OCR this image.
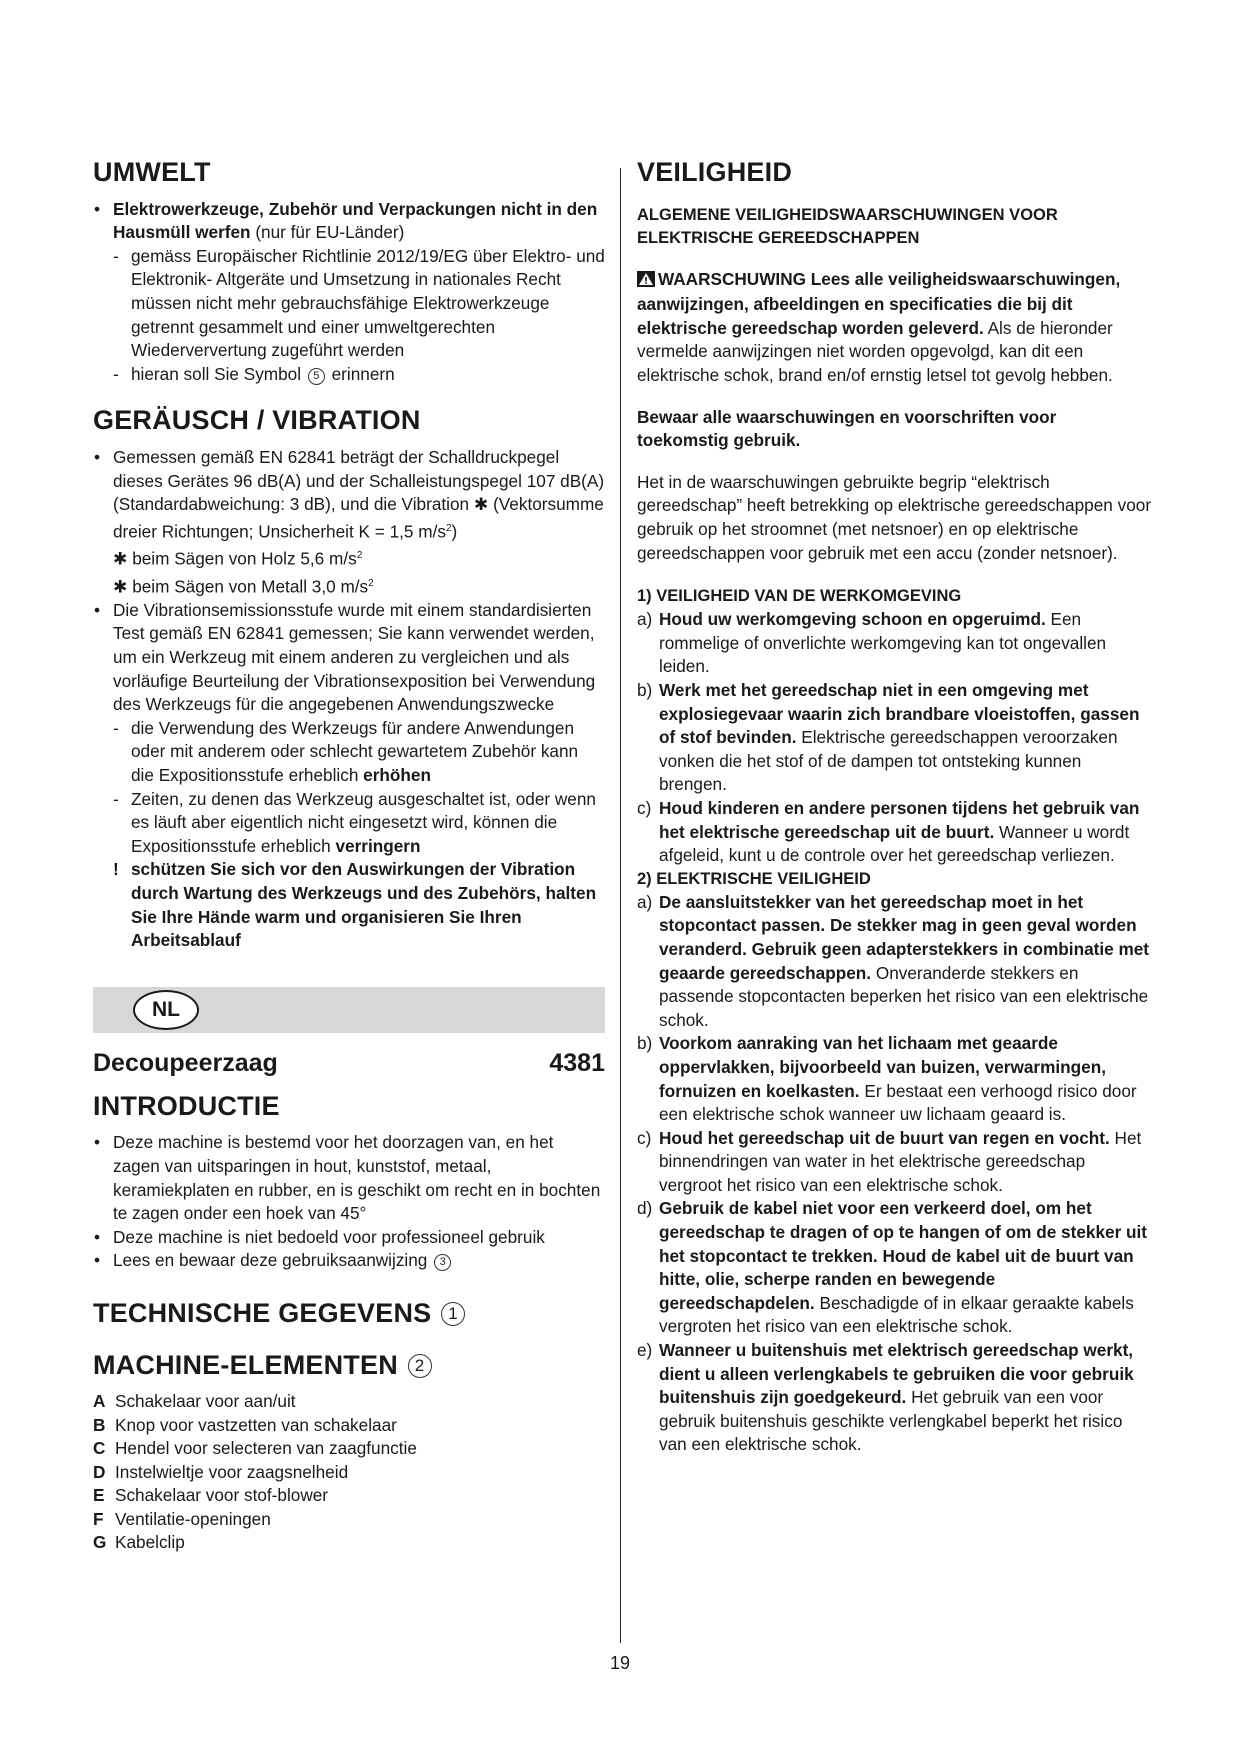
UMWELT
• Elektrowerkzeuge, Zubehör und Verpackungen nicht in den Hausmüll werfen (nur für EU-Länder)
- gemäss Europäischer Richtlinie 2012/19/EG über Elektro- und Elektronik- Altgeräte und Umsetzung in nationales Recht müssen nicht mehr gebrauchsfähige Elektrowerkzeuge getrennt gesammelt und einer umweltgerechten Wiederververtung zugeführt werden
- hieran soll Sie Symbol 5 erinnern
GERÄUSCH / VIBRATION
• Gemessen gemäß EN 62841 beträgt der Schalldruckpegel dieses Gerätes 96 dB(A) und der Schalleistungspegel 107 dB(A) (Standardabweichung: 3 dB), und die Vibration ✱ (Vektorsumme dreier Richtungen; Unsicherheit K = 1,5 $m/s^2$)
✱ beim Sägen von Holz 5,6 $m/s^2$
✱ beim Sägen von Metall 3,0 $m/s^2$
• Die Vibrationsemissionsstufe wurde mit einem standardisierten Test gemäß EN 62841 gemessen; Sie kann verwendet werden, um ein Werkzeug mit einem anderen zu vergleichen und als vorläufige Beurteilung der Vibrationsexposition bei Verwendung des Werkzeugs für die angegebenen Anwendungszwecke
- die Verwendung des Werkzeugs für andere Anwendungen oder mit anderem oder schlecht gewartetem Zubehör kann die Expositionsstufe erheblich erhöhen
- Zeiten, zu denen das Werkzeug ausgeschaltet ist, oder wenn es läuft aber eigentlich nicht eingesetzt wird, können die Expositionsstufe erheblich verringern
! schützen Sie sich vor den Auswirkungen der Vibration durch Wartung des Werkzeugs und des Zubehörs, halten Sie Ihre Hände warm und organisieren Sie Ihren Arbeitsablauf
NL
Decoupeerzaag	4381
INTRODUCTIE
• Deze machine is bestemd voor het doorzagen van, en het zagen van uitsparingen in hout, kunststof, metaal, keramiekplaten en rubber, en is geschikt om recht en in bochten te zagen onder een hoek van 45°
• Deze machine is niet bedoeld voor professioneel gebruik
• Lees en bewaar deze gebruiksaanwijzing 3
TECHNISCHE GEGEVENS 1
MACHINE-ELEMENTEN 2
A Schakelaar voor aan/uit
B Knop voor vastzetten van schakelaar
C Hendel voor selecteren van zaagfunctie
D Instelwieltje voor zaagsnelheid
E Schakelaar voor stof-blower
F Ventilatie-openingen
G Kabelclip
VEILIGHEID

ALGEMENE VEILIGHEIDSWAARSCHUWINGEN VOOR ELEKTRISCHE GEREEDSCHAPPEN

WAARSCHUWING Lees alle veiligheidswaarschuwingen, aanwijzingen, afbeeldingen en specificaties die bij dit elektrische gereedschap worden geleverd. Als de hieronder vermelde aanwijzingen niet worden opgevolgd, kan dit een elektrische schok, brand en/of ernstig letsel tot gevolg hebben.

Bewaar alle waarschuwingen en voorschriften voor toekomstig gebruik.

Het in de waarschuwingen gebruikte begrip “elektrisch gereedschap” heeft betrekking op elektrische gereedschappen voor gebruik op het stroomnet (met netsnoer) en op elektrische gereedschappen voor gebruik met een accu (zonder netsnoer).

1) VEILIGHEID VAN DE WERKOMGEVING

a) Houd uw werkomgeving schoon en opgeruimd. Een rommelige of onverlichte werkomgeving kan tot ongevallen leiden.
b) Werk met het gereedschap niet in een omgeving met explosiegevaar waarin zich brandbare vloeistoffen, gassen of stof bevinden. Elektrische gereedschappen veroorzaken vonken die het stof of de dampen tot ontsteking kunnen brengen.
c) Houd kinderen en andere personen tijdens het gebruik van het elektrische gereedschap uit de buurt. Wanneer u wordt afgeleid, kunt u de controle over het gereedschap verliezen.

2) ELEKTRISCHE VEILIGHEID

a) De aansluitstekker van het gereedschap moet in het stopcontact passen. De stekker mag in geen geval worden veranderd. Gebruik geen adapterstekkers in combinatie met geaarde gereedschappen. Onveranderde stekkers en passende stopcontacten beperken het risico van een elektrische schok.
b) Voorkom aanraking van het lichaam met geaarde oppervlakken, bijvoorbeeld van buizen, verwarmingen, fornuizen en koelkasten. Er bestaat een verhoogd risico door een elektrische schok wanneer uw lichaam geaard is.
c) Houd het gereedschap uit de buurt van regen en vocht. Het binnendringen van water in het elektrische gereedschap vergroot het risico van een elektrische schok.
d) Gebruik de kabel niet voor een verkeerd doel, om het gereedschap te dragen of op te hangen of om de stekker uit het stopcontact te trekken. Houd de kabel uit de buurt van hitte, olie, scherpe randen en bewegende gereedschapdelen. Beschadigde of in elkaar geraakte kabels vergroten het risico van een elektrische schok.
e) Wanneer u buitenshuis met elektrisch gereedschap werkt, dient u alleen verlengkabels te gebruiken die voor gebruik buitenshuis zijn goedgekeurd. Het gebruik van een voor gebruik buitenshuis geschikte verlengkabel beperkt het risico van een elektrische schok.
19
